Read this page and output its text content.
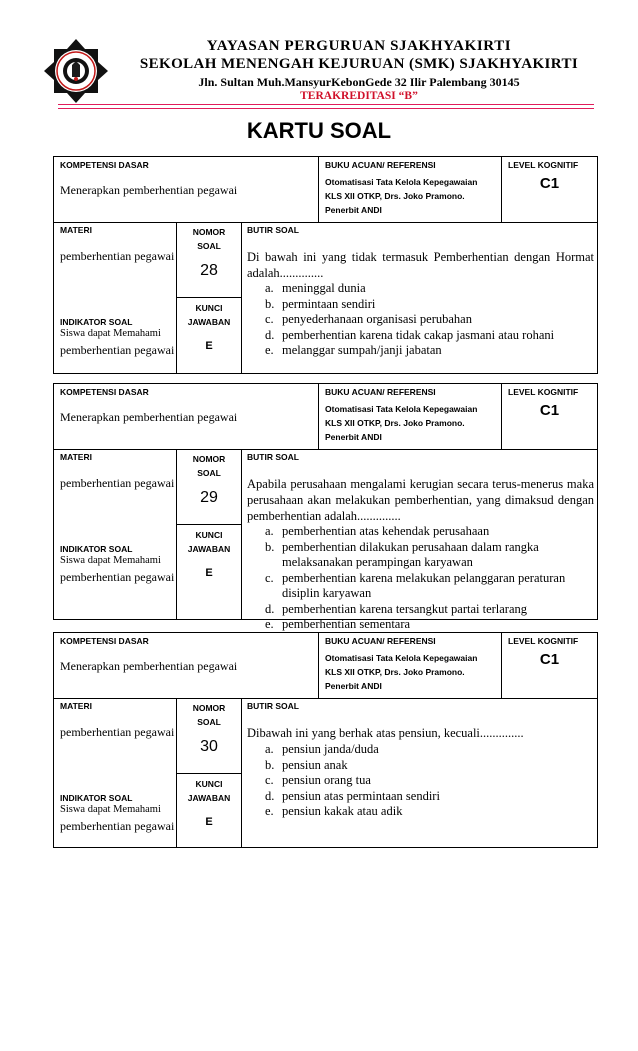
YAYASAN PERGURUAN SJAKHYAKIRTI
SEKOLAH MENENGAH KEJURUAN (SMK) SJAKHYAKIRTI
Jln. Sultan Muh.MansyurKebonGede 32 Ilir Palembang 30145
TERAKREDITASI “B”
KARTU SOAL
KOMPETENSI DASAR
Menerapkan pemberhentian pegawai
BUKU ACUAN/ REFERENSI
Otomatisasi Tata Kelola Kepegawaian
KLS XII OTKP, Drs. Joko Pramono.
Penerbit ANDI
LEVEL KOGNITIF
C1
MATERI
pemberhentian pegawai
INDIKATOR SOAL
Siswa dapat Memahami
pemberhentian pegawai
NOMOR
SOAL
28
KUNCI
JAWABAN
E
BUTIR SOAL
Di bawah ini yang tidak termasuk Pemberhentian dengan Hormat adalah..............
a. meninggal dunia
b. permintaan sendiri
c. penyederhanaan organisasi perubahan
d. pemberhentian karena tidak cakap jasmani atau rohani
e. melanggar sumpah/janji jabatan
KOMPETENSI DASAR
Menerapkan pemberhentian pegawai
BUKU ACUAN/ REFERENSI
Otomatisasi Tata Kelola Kepegawaian
KLS XII OTKP, Drs. Joko Pramono.
Penerbit ANDI
LEVEL KOGNITIF
C1
MATERI
pemberhentian pegawai
INDIKATOR SOAL
Siswa dapat Memahami
pemberhentian pegawai
NOMOR
SOAL
29
KUNCI
JAWABAN
E
BUTIR SOAL
Apabila perusahaan mengalami kerugian secara terus-menerus maka perusahaan akan melakukan pemberhentian, yang dimaksud dengan pemberhentian adalah..............
a. pemberhentian atas kehendak perusahaan
b. pemberhentian dilakukan perusahaan dalam rangka melaksanakan perampingan karyawan
c. pemberhentian karena melakukan pelanggaran peraturan disiplin karyawan
d. pemberhentian karena tersangkut partai terlarang
e. pemberhentian sementara
KOMPETENSI DASAR
Menerapkan pemberhentian pegawai
BUKU ACUAN/ REFERENSI
Otomatisasi Tata Kelola Kepegawaian
KLS XII OTKP, Drs. Joko Pramono.
Penerbit ANDI
LEVEL KOGNITIF
C1
MATERI
pemberhentian pegawai
INDIKATOR SOAL
Siswa dapat Memahami
pemberhentian pegawai
NOMOR
SOAL
30
KUNCI
JAWABAN
E
BUTIR SOAL
Dibawah ini yang berhak atas pensiun, kecuali..............
a. pensiun janda/duda
b. pensiun anak
c. pensiun orang tua
d. pensiun atas permintaan sendiri
e. pensiun kakak atau adik
